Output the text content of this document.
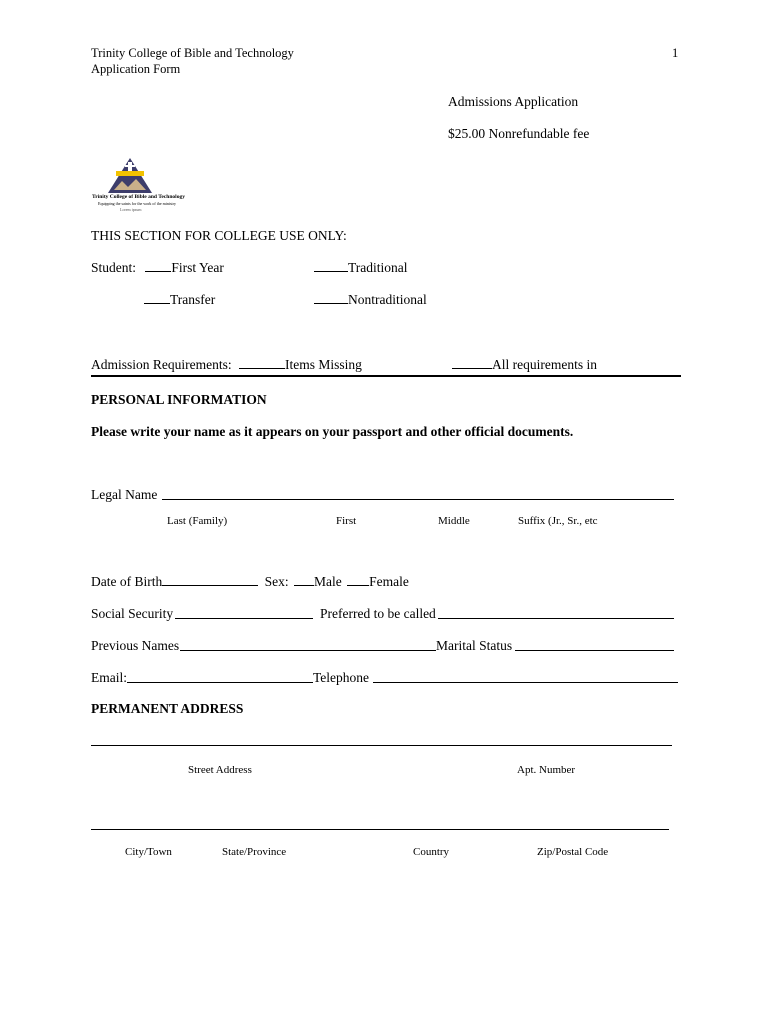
Trinity College of Bible and Technology
Application Form
1
Admissions Application
$25.00 Nonrefundable fee
Trinity College of Bible and Technology
Equipping the saints for the work of the ministry
Lorem ipsum
THIS SECTION FOR COLLEGE USE ONLY:
Student:	First Year	Traditional
Transfer	Nontraditional
Admission Requirements:	Items Missing	All requirements in
PERSONAL INFORMATION
Please write your name as it appears on your passport and other official documents.
Legal Name
Last (Family)	First	Middle	Suffix (Jr., Sr., etc
Date of Birth	Sex: Male Female
Social Security	Preferred to be called
Previous Names	Marital Status
Email:	Telephone
PERMANENT ADDRESS
Street Address	Apt. Number
City/Town	State/Province	Country	Zip/Postal Code
